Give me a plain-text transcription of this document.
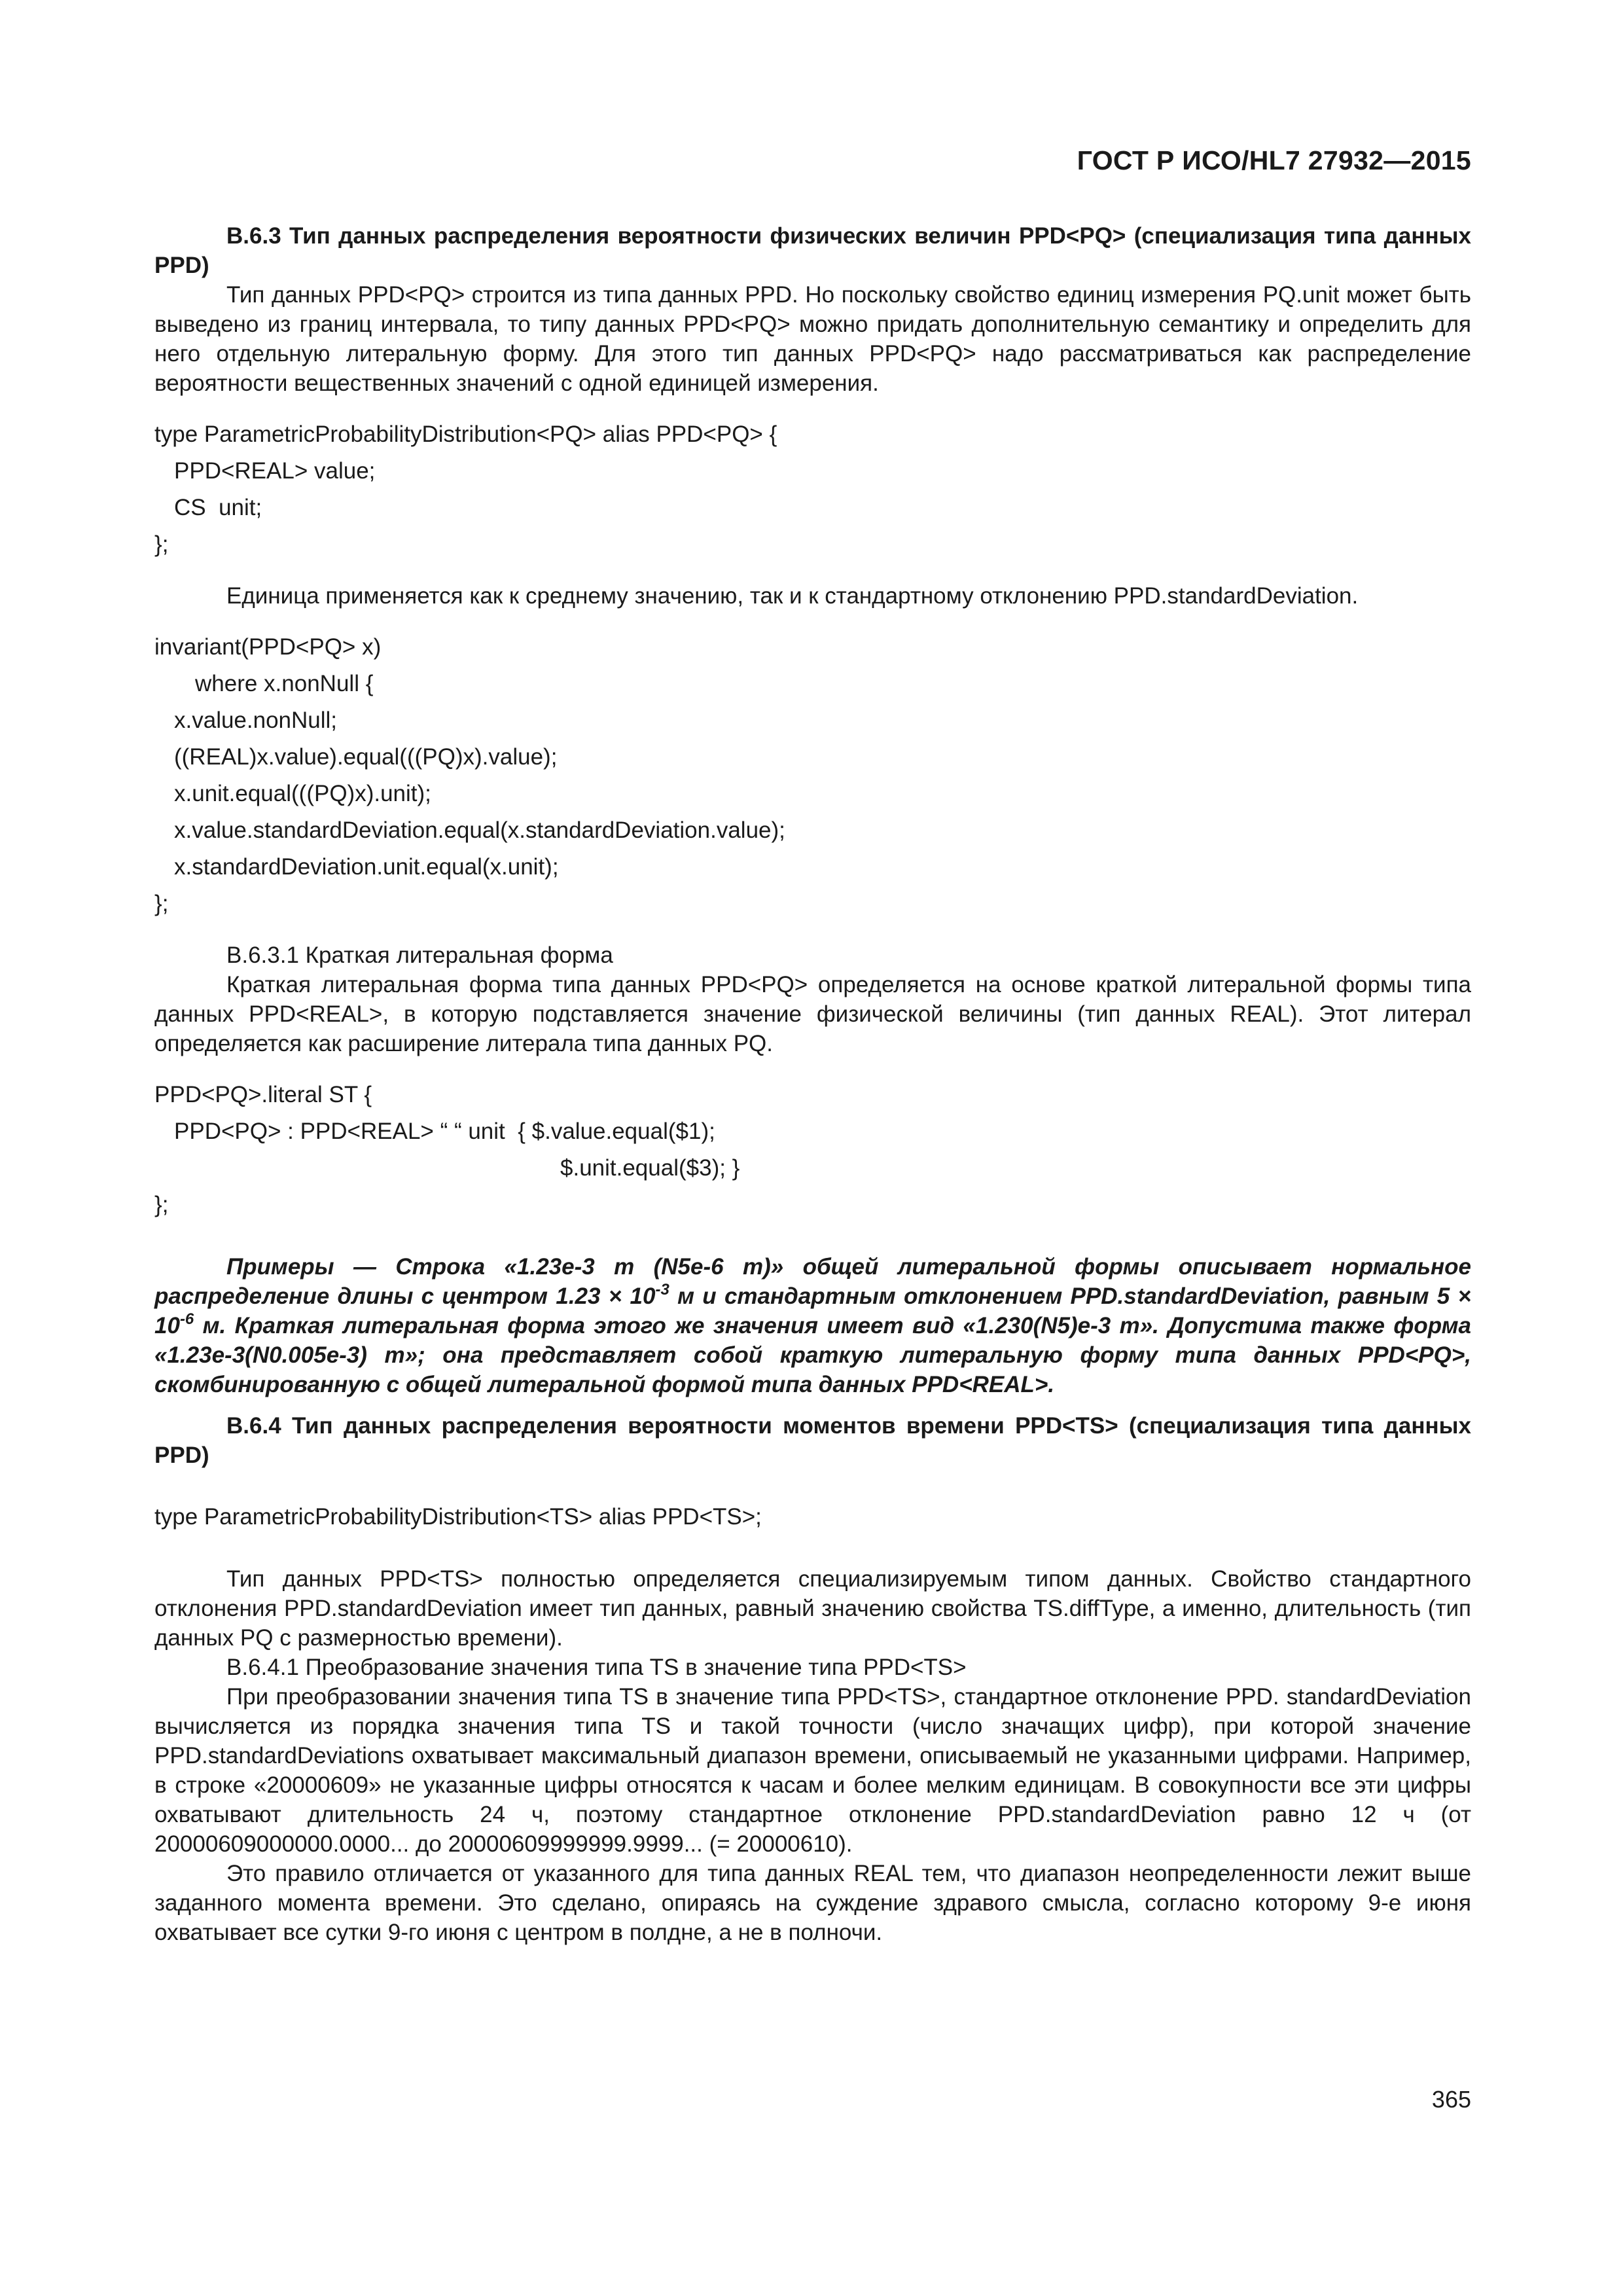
ГОСТ Р ИСО/HL7 27932—2015

В.6.3 Тип данных распределения вероятности физических величин PPD<PQ> (специализация типа данных PPD)

Тип данных PPD<PQ> строится из типа данных PPD. Но поскольку свойство единиц измерения PQ.unit может быть выведено из границ интервала, то типу данных PPD<PQ> можно придать дополнительную семантику и определить для него отдельную литеральную форму. Для этого тип данных PPD<PQ> надо рассматриваться как распределение вероятности вещественных значений с одной единицей измерения.

type ParametricProbabilityDistribution<PQ> alias PPD<PQ> {
PPD<REAL> value;
CS  unit;
};

Единица применяется как к среднему значению, так и к стандартному отклонению PPD.standardDeviation.

invariant(PPD<PQ> x)
where x.nonNull {
x.value.nonNull;
((REAL)x.value).equal(((PQ)x).value);
x.unit.equal(((PQ)x).unit);
x.value.standardDeviation.equal(x.standardDeviation.value);
x.standardDeviation.unit.equal(x.unit);
};

В.6.3.1 Краткая литеральная форма

Краткая литеральная форма типа данных PPD<PQ> определяется на основе краткой литеральной формы типа данных PPD<REAL>, в которую подставляется значение физической величины (тип данных REAL). Этот литерал определяется как расширение литерала типа данных PQ.

PPD<PQ>.literal ST {
PPD<PQ> : PPD<REAL> “ “ unit  { $.value.equal($1);
$.unit.equal($3); }
};

Примеры — Строка «1.23e-3 m (N5e-6 m)» общей литеральной формы описывает нормальное распределение длины с центром $1.23 \times 10^{-3}$ м и стандартным отклонением PPD.standardDeviation, равным $5 \times 10^{-6}$ м. Краткая литеральная форма этого же значения имеет вид «1.230(N5)e-3 m». Допустима также форма «1.23e-3(N0.005e-3) m»; она представляет собой краткую литеральную форму типа данных PPD<PQ>, скомбинированную с общей литеральной формой типа данных PPD<REAL>.

В.6.4 Тип данных распределения вероятности моментов времени PPD<TS> (специализация типа данных PPD)

type ParametricProbabilityDistribution<TS> alias PPD<TS>;

Тип данных PPD<TS> полностью определяется специализируемым типом данных. Свойство стандартного отклонения PPD.standardDeviation имеет тип данных, равный значению свойства TS.diffType, а именно, длительность (тип данных PQ с размерностью времени).

В.6.4.1 Преобразование значения типа TS в значение типа PPD<TS>

При преобразовании значения типа TS в значение типа PPD<TS>, стандартное отклонение PPD. standardDeviation вычисляется из порядка значения типа TS и такой точности (число значащих цифр), при которой значение PPD.standardDeviations охватывает максимальный диапазон времени, описываемый не указанными цифрами. Например, в строке «20000609» не указанные цифры относятся к часам и более мелким единицам. В совокупности все эти цифры охватывают длительность 24 ч, поэтому стандартное отклонение PPD.standardDeviation равно 12 ч (от 20000609000000.0000... до 20000609999999.9999... (= 20000610).

Это правило отличается от указанного для типа данных REAL тем, что диапазон неопределенности лежит выше заданного момента времени. Это сделано, опираясь на суждение здравого смысла, согласно которому 9-е июня охватывает все сутки 9-го июня с центром в полдне, а не в полночи.

365
